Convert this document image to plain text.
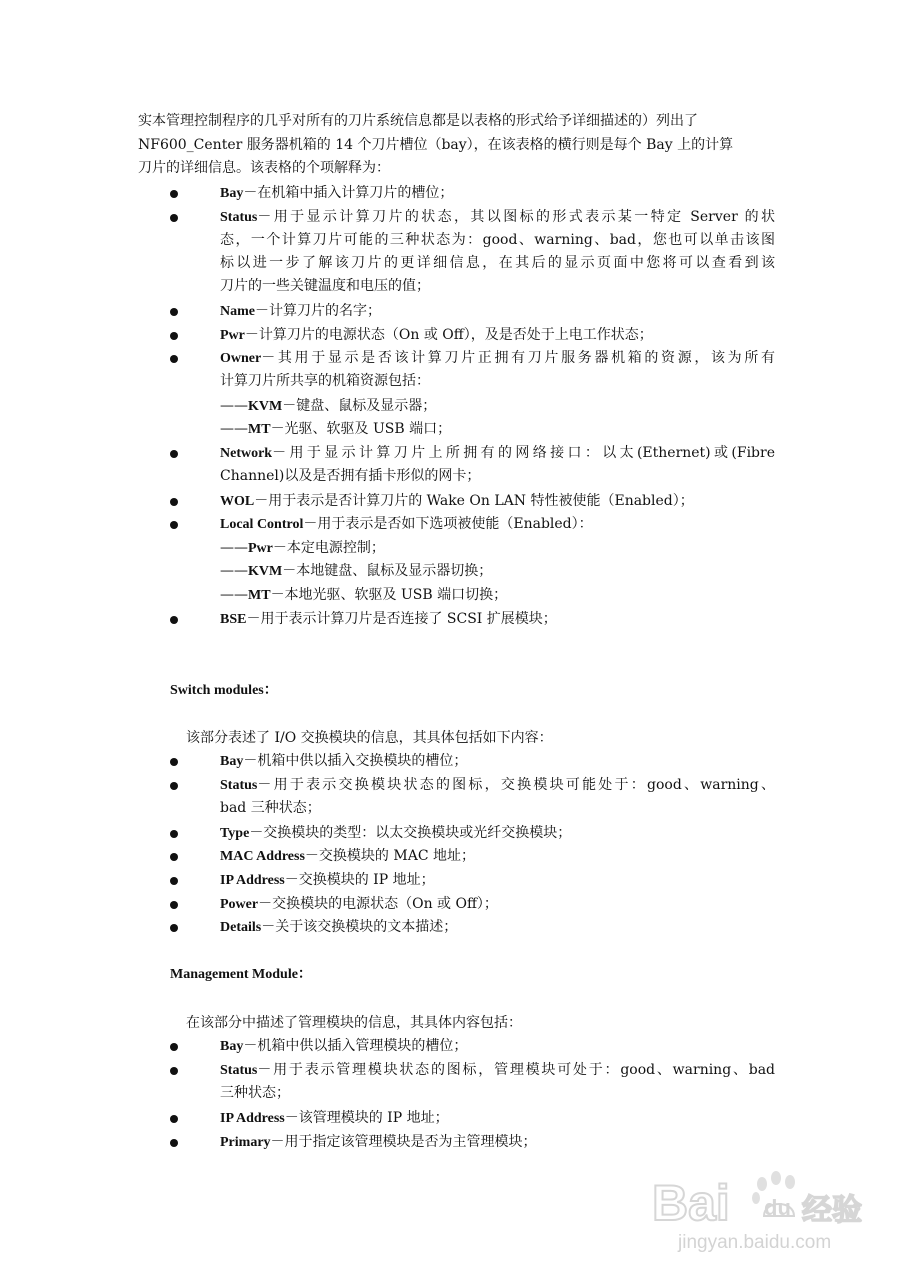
实本管理控制程序的几乎对所有的刀片系统信息都是以表格的形式给予详细描述的）列出了
NF600_Center 服务器机箱的 14 个刀片槽位（bay），在该表格的横行则是每个 Bay 上的计算
刀片的详细信息。该表格的个项解释为：
Bay－在机箱中插入计算刀片的槽位；
Status－用于显示计算刀片的状态，其以图标的形式表示某一特定 Server 的状
态，一个计算刀片可能的三种状态为：good、warning、bad，您也可以单击该图
标以进一步了解该刀片的更详细信息，在其后的显示页面中您将可以查看到该
刀片的一些关键温度和电压的值；
Name－计算刀片的名字；
Pwr－计算刀片的电源状态（On 或 Off），及是否处于上电工作状态；
Owner－其用于显示是否该计算刀片正拥有刀片服务器机箱的资源，该为所有
计算刀片所共享的机箱资源包括：
——KVM－键盘、鼠标及显示器；
——MT－光驱、软驱及 USB 端口；
Network－用于显示计算刀片上所拥有的网络接口：以太(Ethernet)或(Fibre
Channel)以及是否拥有插卡形似的网卡；
WOL－用于表示是否计算刀片的 Wake On LAN 特性被使能（Enabled）；
Local Control－用于表示是否如下选项被使能（Enabled）：
——Pwr－本定电源控制；
——KVM－本地键盘、鼠标及显示器切换；
——MT－本地光驱、软驱及 USB 端口切换；
BSE－用于表示计算刀片是否连接了 SCSI 扩展模块；
Switch modules：
该部分表述了 I/O 交换模块的信息，其具体包括如下内容：
Bay－机箱中供以插入交换模块的槽位；
Status－用于表示交换模块状态的图标，交换模块可能处于：good、warning、
bad 三种状态；
Type－交换模块的类型：以太交换模块或光纤交换模块；
MAC Address－交换模块的 MAC 地址；
IP Address－交换模块的 IP 地址；
Power－交换模块的电源状态（On 或 Off）；
Details－关于该交换模块的文本描述；
Management Module：
在该部分中描述了管理模块的信息，其具体内容包括：
Bay－机箱中供以插入管理模块的槽位；
Status－用于表示管理模块状态的图标，管理模块可处于：good、warning、bad
三种状态；
IP Address－该管理模块的 IP 地址；
Primary－用于指定该管理模块是否为主管理模块；
Bai du 经验
jingyan.baidu.com
